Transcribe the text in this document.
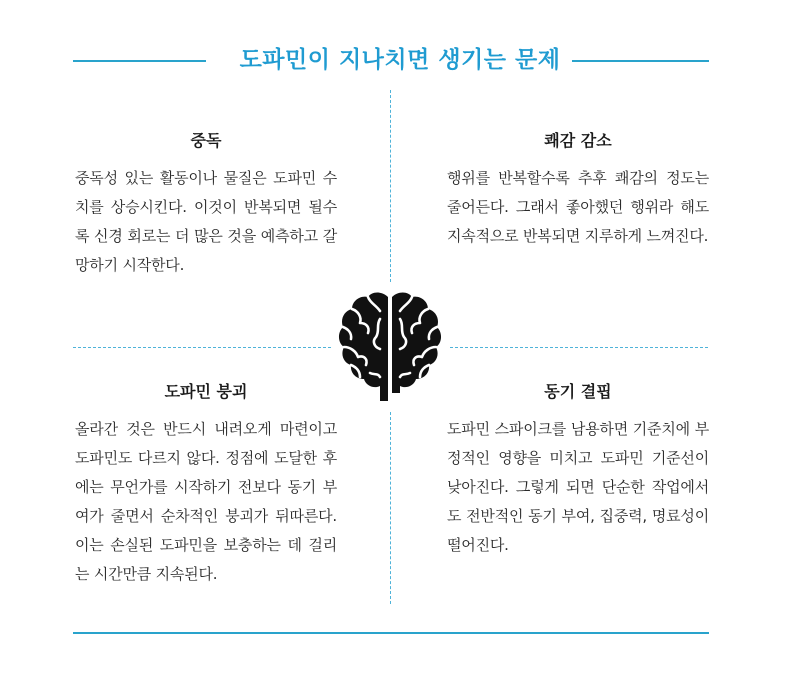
도파민이 지나치면 생기는 문제
중독

중독성 있는 활동이나 물질은 도파민 수치를 상승시킨다. 이것이 반복되면 될수록 신경 회로는 더 많은 것을 예측하고 갈망하기 시작한다.

쾌감 감소

행위를 반복할수록 추후 쾌감의 정도는 줄어든다. 그래서 좋아했던 행위라 해도 지속적으로 반복되면 지루하게 느껴진다.

도파민 붕괴

올라간 것은 반드시 내려오게 마련이고 도파민도 다르지 않다. 정점에 도달한 후에는 무언가를 시작하기 전보다 동기 부여가 줄면서 순차적인 붕괴가 뒤따른다. 이는 손실된 도파민을 보충하는 데 걸리는 시간만큼 지속된다.

동기 결핍

도파민 스파이크를 남용하면 기준치에 부정적인 영향을 미치고 도파민 기준선이 낮아진다. 그렇게 되면 단순한 작업에서도 전반적인 동기 부여, 집중력, 명료성이 떨어진다.
